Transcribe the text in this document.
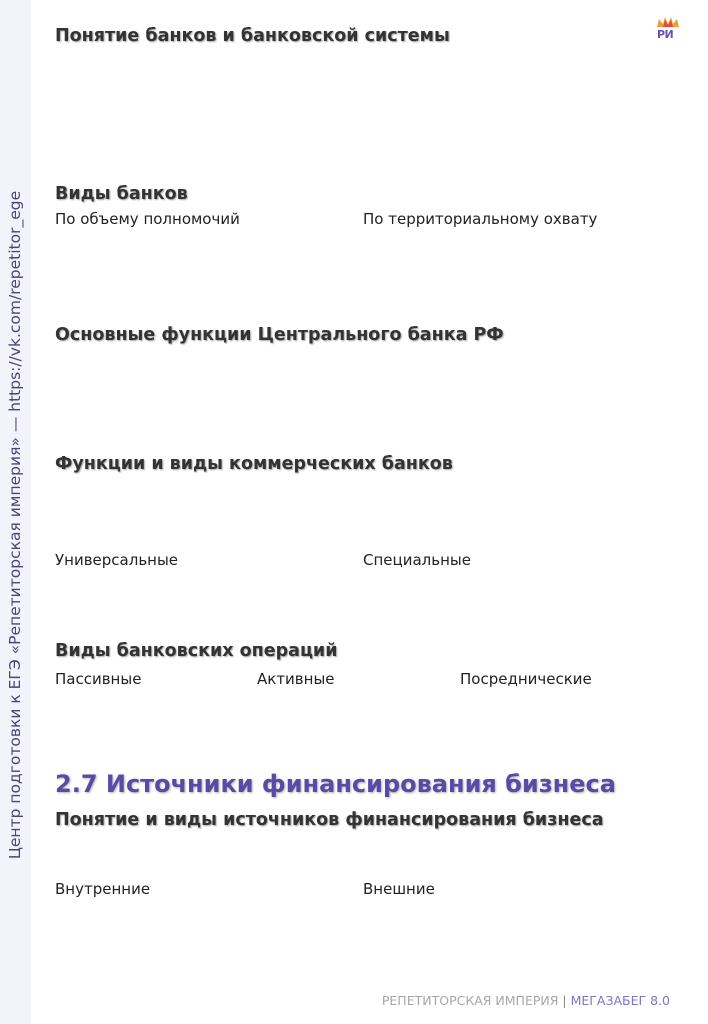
Центр подготовки к ЕГЭ «Репетиторская империя» — https://vk.com/repetitor_ege
РИ
Понятие банков и банковской системы
Виды банков
По объему полномочий	По территориальному охвату
Основные функции Центрального банка РФ
Функции и виды коммерческих банков
Универсальные	Специальные
Виды банковских операций
Пассивные	Активные	Посреднические
2.7 Источники финансирования бизнеса
Понятие и виды источников финансирования бизнеса
Внутренние	Внешние
РЕПЕТИТОРСКАЯ ИМПЕРИЯ | МЕГАЗАБЕГ 8.0
